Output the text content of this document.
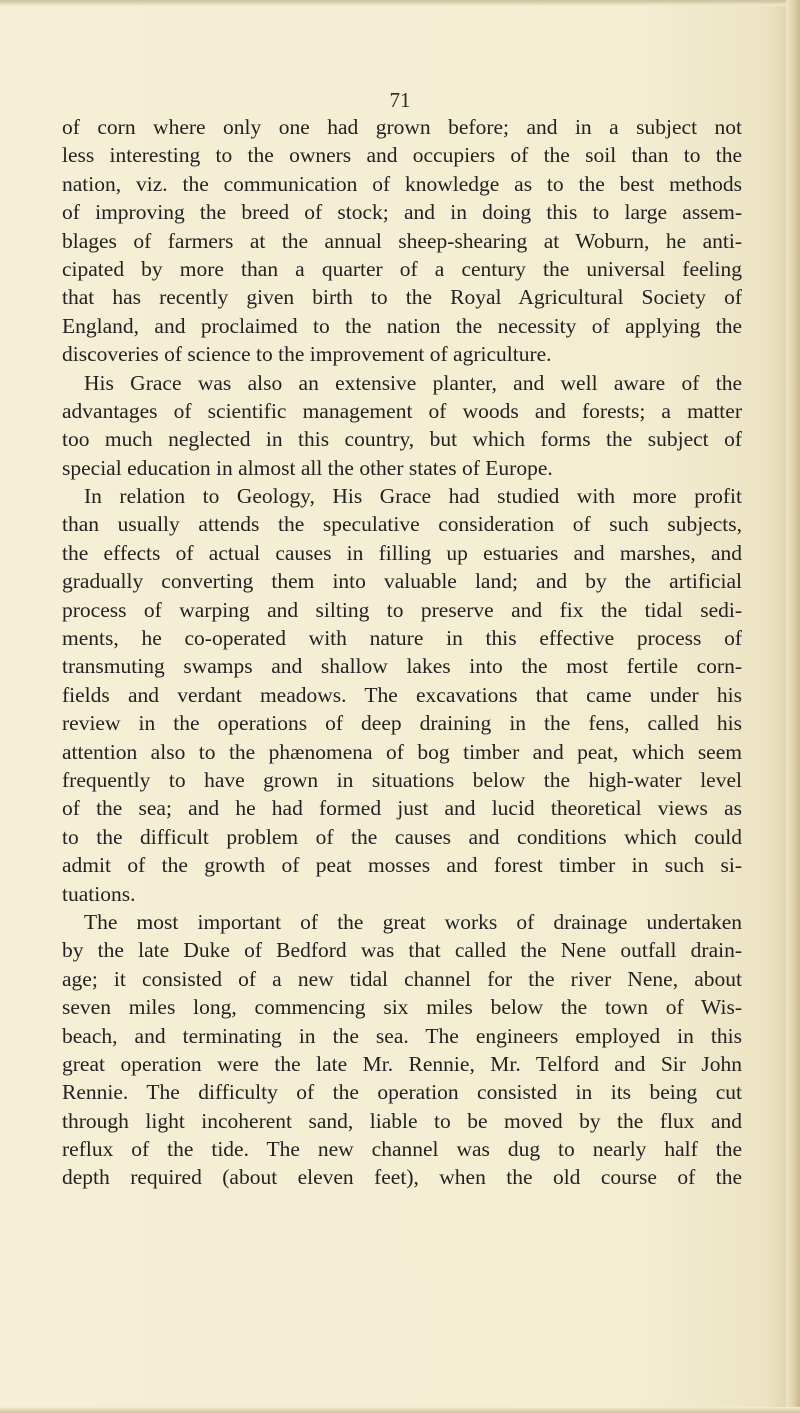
71

of corn where only one had grown before; and in a subject not
less interesting to the owners and occupiers of the soil than to the
nation, viz. the communication of knowledge as to the best methods
of improving the breed of stock; and in doing this to large assem-
blages of farmers at the annual sheep-shearing at Woburn, he anti-
cipated by more than a quarter of a century the universal feeling
that has recently given birth to the Royal Agricultural Society of
England, and proclaimed to the nation the necessity of applying the
discoveries of science to the improvement of agriculture.
His Grace was also an extensive planter, and well aware of the
advantages of scientific management of woods and forests; a matter
too much neglected in this country, but which forms the subject of
special education in almost all the other states of Europe.
In relation to Geology, His Grace had studied with more profit
than usually attends the speculative consideration of such subjects,
the effects of actual causes in filling up estuaries and marshes, and
gradually converting them into valuable land; and by the artificial
process of warping and silting to preserve and fix the tidal sedi-
ments, he co-operated with nature in this effective process of
transmuting swamps and shallow lakes into the most fertile corn-
fields and verdant meadows. The excavations that came under his
review in the operations of deep draining in the fens, called his
attention also to the phænomena of bog timber and peat, which seem
frequently to have grown in situations below the high-water level
of the sea; and he had formed just and lucid theoretical views as
to the difficult problem of the causes and conditions which could
admit of the growth of peat mosses and forest timber in such si-
tuations.
The most important of the great works of drainage undertaken
by the late Duke of Bedford was that called the Nene outfall drain-
age; it consisted of a new tidal channel for the river Nene, about
seven miles long, commencing six miles below the town of Wis-
beach, and terminating in the sea. The engineers employed in this
great operation were the late Mr. Rennie, Mr. Telford and Sir John
Rennie. The difficulty of the operation consisted in its being cut
through light incoherent sand, liable to be moved by the flux and
reflux of the tide. The new channel was dug to nearly half the
depth required (about eleven feet), when the old course of the
